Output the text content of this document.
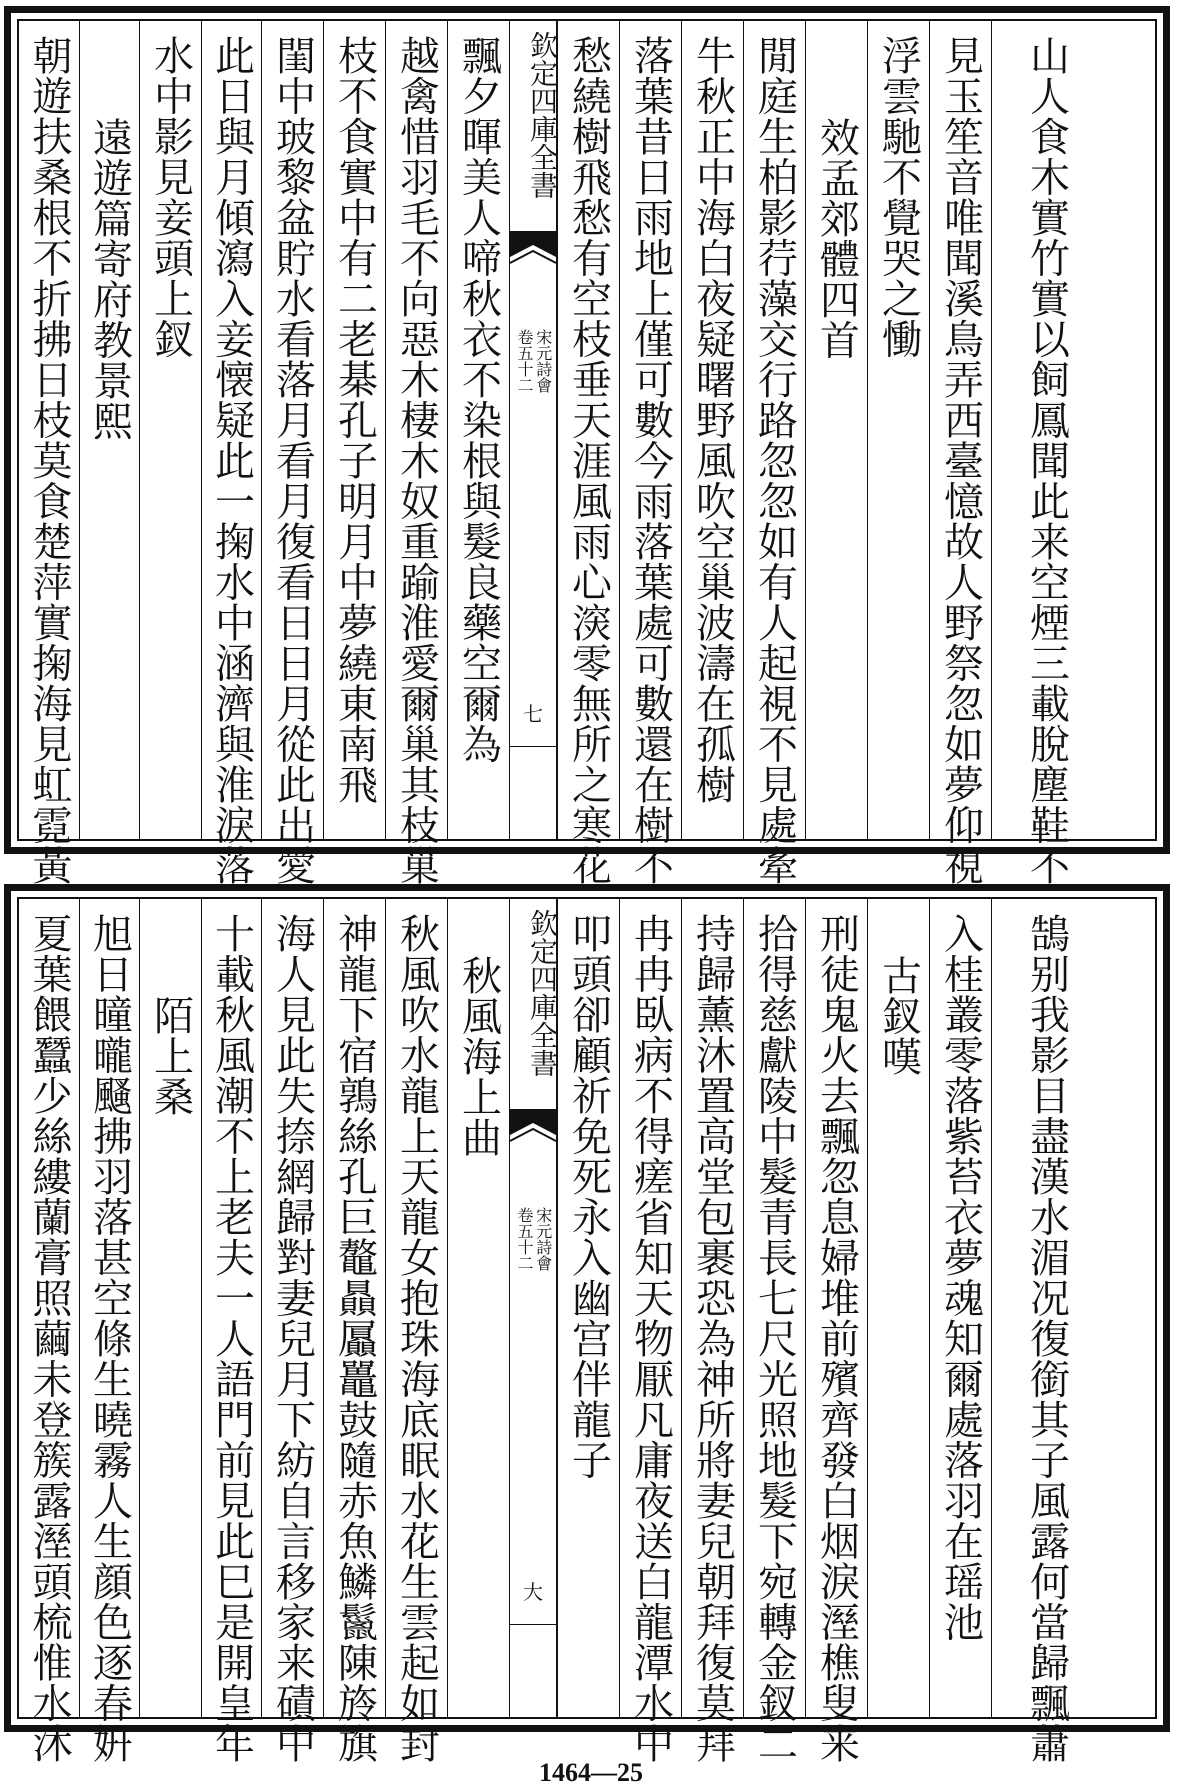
朝遊扶桑根不折拂日枝莫食楚萍實掬海見虹霓黃 遠遊篇寄府教景熙 水中影見妾頭上釵 此日與月傾瀉入妾懐疑此一掬水中涵濟與淮淚落 閨中玻黎盆貯水看落月看月復看日日月從此出愛 枝不食實中有二老棊孔子明月中夢繞東南飛 越禽惜羽毛不向惡木棲木奴重踰淮愛爾巢其枝巢 飄夕暉美人啼秋衣不染根與髮良藥空爾為 欽定四庫全書
卷五十二 宋元詩會
七 愁繞樹飛愁有空枝垂天涯風雨心㴱零無所之寒花 落葉昔日雨地上僅可數今雨落葉處可數還在樹不 牛秋正中海白夜疑曙野風吹空巢波濤在孤樹 閒庭生柏影荇藻交行路忽忽如有人起視不見處牽 效孟郊體四首 浮雲馳不覺哭之慟 見玉笙音唯聞溪鳥弄西臺憶故人野祭忽如夢仰視 山人食木實竹實以飼鳳聞此来空煙三載脫塵鞋不
夏葉餵蠶少絲縷蘭膏照繭未登簇露溼頭梳惟水沐 旭日曈曨颾拂羽落甚空條生曉霧人生顔色逐春姸 陌上桑 十載秋風潮不上老夫一人語門前見此巳是開皇年 海人見此失捺網歸對妻兒月下紡自言移家来磧中 神龍下宿鶉絲孔巨鼇贔屭鼉鼓隨赤魚鱗鬣陳旍旗 秋風吹水龍上天龍女抱珠海底眠水花生雲起如封 秋風海上曲 欽定四庫全書
卷五十二 宋元詩會
大
叩頭卻顧祈免死永入幽宫伴龍子 冉冉臥病不得瘥省知天物厭凡庸夜送白龍潭水中 持歸薰沐置高堂包裹恐為神所將妻兒朝拜復莫拜 拾得慈獻陵中髮青長七尺光照地髮下宛轉金釵二 刑徒鬼火去飄忽息婦堆前殯齊發白烟淚溼樵叟来 古釵嘆 入桂叢零落紫苔衣夢魂知爾處落羽在瑶池 鵠别我影目盡漢水湄况復銜其子風露何當歸飄蕭
1464—25
